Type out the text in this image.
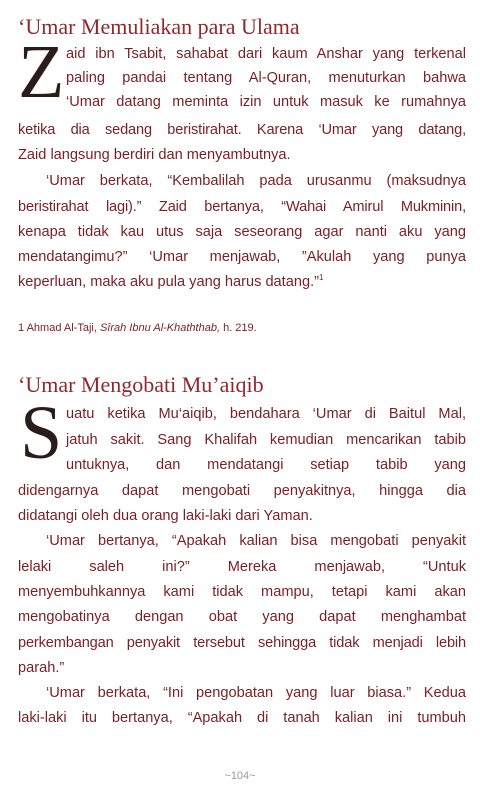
‘Umar Memuliakan para Ulama
Z aid ibn Tsabit, sahabat dari kaum Anshar yang terkenal
paling pandai tentang Al-Quran, menuturkan bahwa
‘Umar datang meminta izin untuk masuk ke rumahnya
ketika dia sedang beristirahat. Karena ‘Umar yang datang,
Zaid langsung berdiri dan menyambutnya.
‘Umar berkata, “Kembalilah pada urusanmu (maksudnya
beristirahat lagi).” Zaid bertanya, “Wahai Amirul Mukminin,
kenapa tidak kau utus saja seseorang agar nanti aku yang
mendatangimu?” ‘Umar menjawab, ”Akulah yang punya
keperluan, maka aku pula yang harus datang.”$^1$
1 Ahmad Al-Taji, Sîrah Ibnu Al-Khaththab, h. 219.
‘Umar Mengobati Mu’aiqib
S uatu ketika Mu‘aiqib, bendahara ‘Umar di Baitul Mal,
jatuh sakit. Sang Khalifah kemudian mencarikan tabib
untuknya, dan mendatangi setiap tabib yang
didengarnya dapat mengobati penyakitnya, hingga dia
didatangi oleh dua orang laki-laki dari Yaman.
‘Umar bertanya, “Apakah kalian bisa mengobati penyakit
lelaki saleh ini?” Mereka menjawab, “Untuk
menyembuhkannya kami tidak mampu, tetapi kami akan
mengobatinya dengan obat yang dapat menghambat
perkembangan penyakit tersebut sehingga tidak menjadi lebih
parah.”
‘Umar berkata, “Ini pengobatan yang luar biasa.” Kedua
laki-laki itu bertanya, “Apakah di tanah kalian ini tumbuh
~104~
